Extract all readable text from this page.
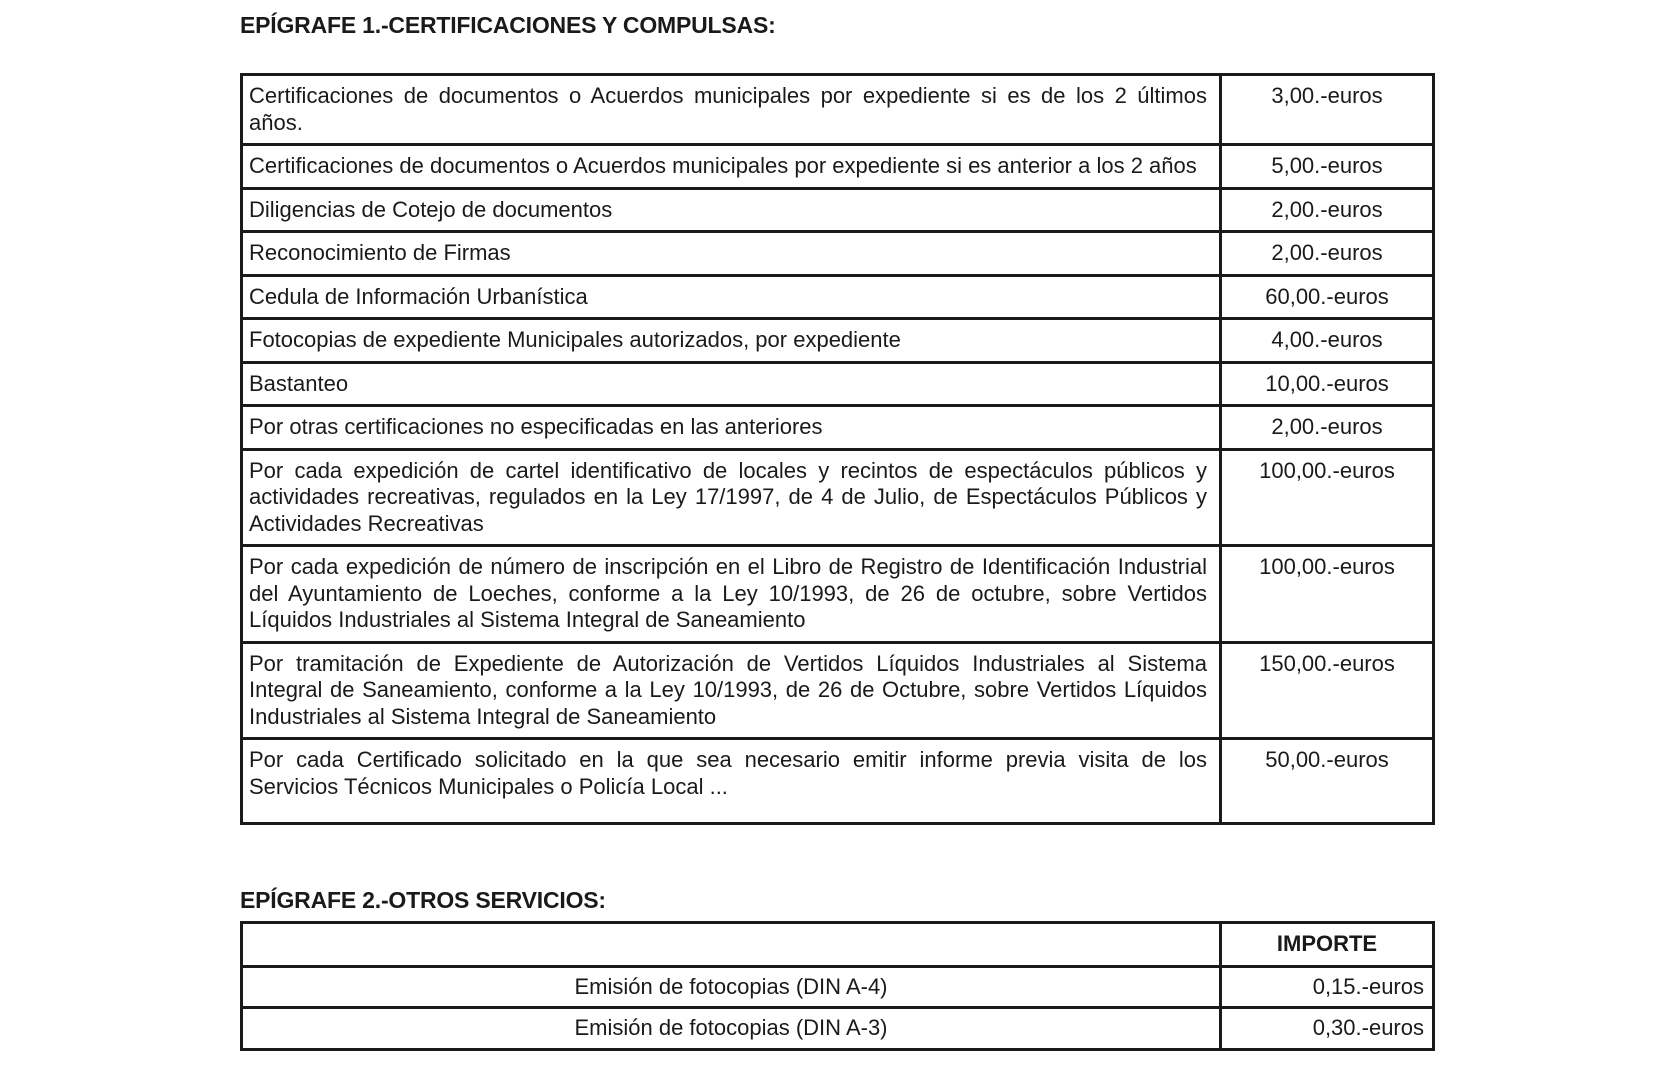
EPÍGRAFE 1.-CERTIFICACIONES Y COMPULSAS:
Certificaciones de documentos o Acuerdos municipales por expediente si es de los 2 últimos años.	3,00.-euros
Certificaciones de documentos o Acuerdos municipales por expediente si es anterior a los 2 años	5,00.-euros
Diligencias de Cotejo de documentos	2,00.-euros
Reconocimiento de Firmas	2,00.-euros
Cedula de Información Urbanística	60,00.-euros
Fotocopias de expediente Municipales autorizados, por expediente	4,00.-euros
Bastanteo	10,00.-euros
Por otras certificaciones no especificadas en las anteriores	2,00.-euros
Por cada expedición de cartel identificativo de locales y recintos de espectáculos públicos y actividades recreativas, regulados en la Ley 17/1997, de 4 de Julio, de Espectáculos Públicos y Actividades Recreativas	100,00.-euros
Por cada expedición de número de inscripción en el Libro de Registro de Identificación Industrial del Ayuntamiento de Loeches, conforme a la Ley 10/1993, de 26 de octubre, sobre Vertidos Líquidos Industriales al Sistema Integral de Saneamiento	100,00.-euros
Por tramitación de Expediente de Autorización de Vertidos Líquidos Industriales al Sistema Integral de Saneamiento, conforme a la Ley 10/1993, de 26 de Octubre, sobre Vertidos Líquidos Industriales al Sistema Integral de Saneamiento	150,00.-euros
Por cada Certificado solicitado en la que sea necesario emitir informe previa visita de los Servicios Técnicos Municipales o Policía Local ...	50,00.-euros
EPÍGRAFE 2.-OTROS SERVICIOS:
	IMPORTE
Emisión de fotocopias (DIN A-4)	0,15.-euros
Emisión de fotocopias (DIN A-3)	0,30.-euros
